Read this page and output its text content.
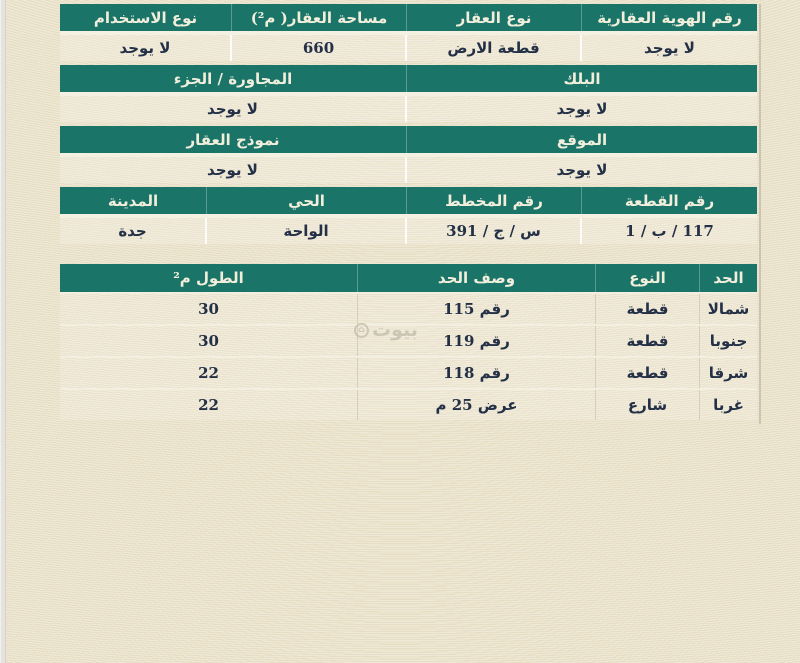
رقم الهوية العقارية
نوع العقار
مساحة العقار( م²)
نوع الاستخدام
لا يوجد
قطعة الارض
660
لا يوجد
البلك
المجاورة / الجزء
لا يوجد
لا يوجد
الموقع
نموذج العقار
لا يوجد
لا يوجد
رقم القطعة
رقم المخطط
الحي
المدينة
117 / ب / 1
س / ج / 391
الواحة
جدة
الحد
النوع
وصف الحد
الطول م²
شمالا
قطعة
رقم 115
30
جنوبا
قطعة
رقم 119
30
شرقا
قطعة
رقم 118
22
غربا
شارع
عرض 25 م
22
بيوت
⌂
